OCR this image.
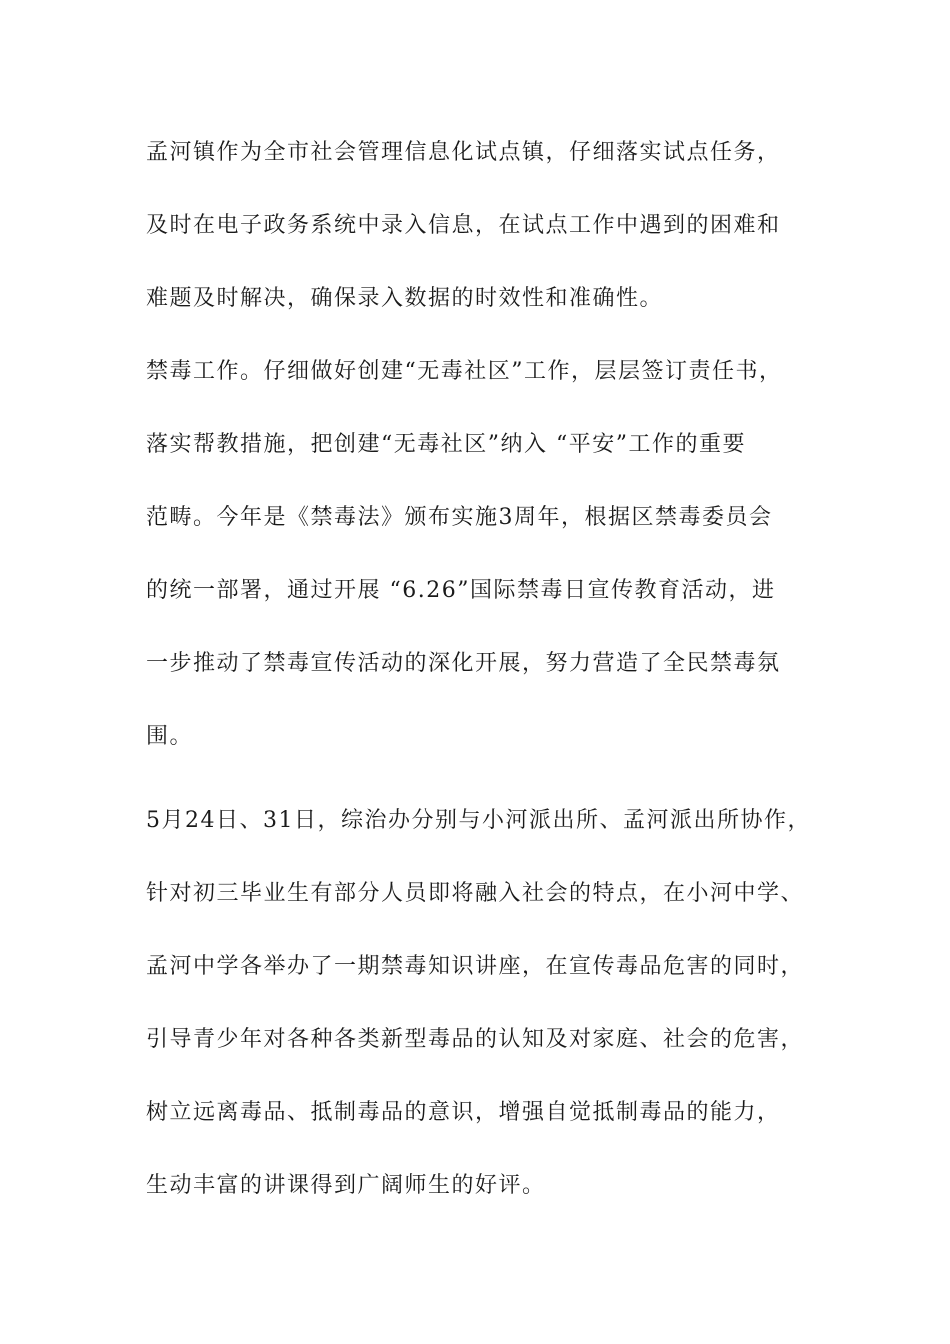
孟河镇作为全市社会管理信息化试点镇，仔细落实试点任务，
及时在电子政务系统中录入信息，在试点工作中遇到的困难和
难题及时解决，确保录入数据的时效性和准确性。
禁毒工作。仔细做好创建“无毒社区”工作，层层签订责任书，
落实帮教措施，把创建“无毒社区”纳入 “平安”工作的重要
范畴。今年是《禁毒法》颁布实施3周年，根据区禁毒委员会
的统一部署，通过开展 “6.26”国际禁毒日宣传教育活动，进
一步推动了禁毒宣传活动的深化开展，努力营造了全民禁毒氛
围。
5月24日、31日，综治办分别与小河派出所、孟河派出所协作，
针对初三毕业生有部分人员即将融入社会的特点，在小河中学、
孟河中学各举办了一期禁毒知识讲座，在宣传毒品危害的同时，
引导青少年对各种各类新型毒品的认知及对家庭、社会的危害，
树立远离毒品、抵制毒品的意识，增强自觉抵制毒品的能力，
生动丰富的讲课得到广阔师生的好评。
